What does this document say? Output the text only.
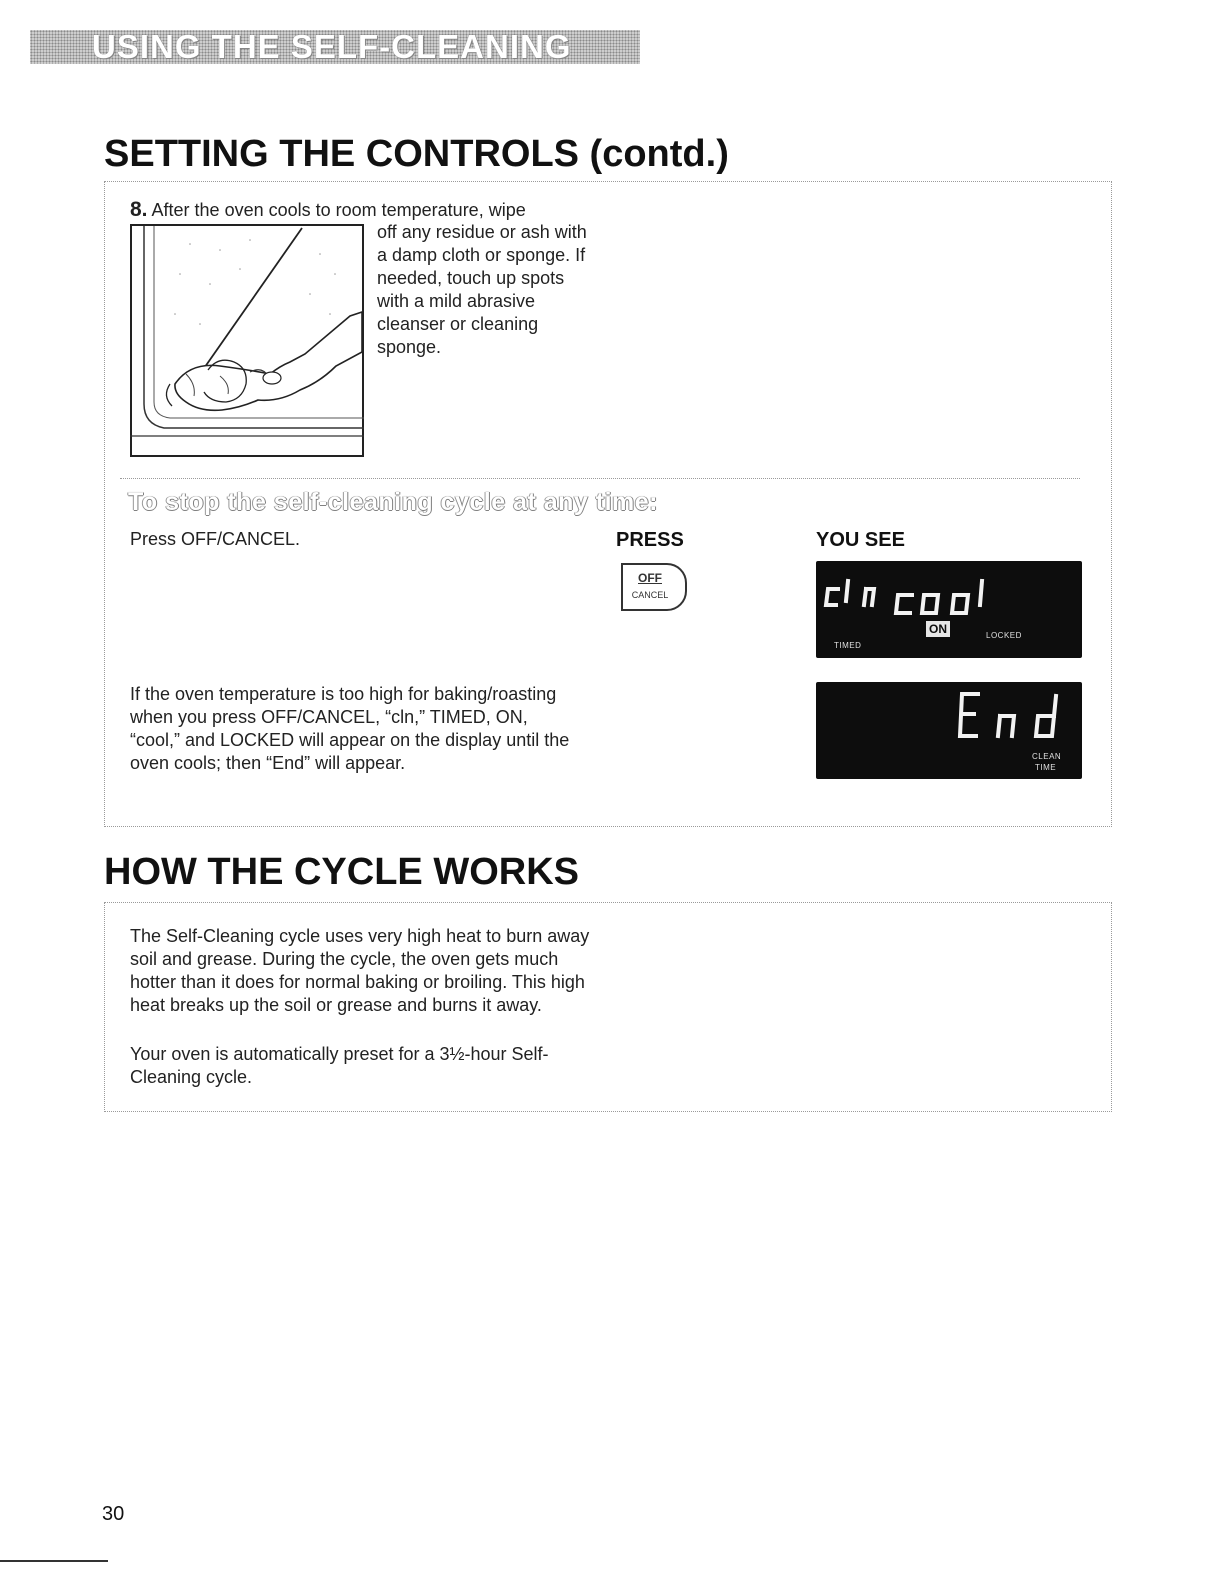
USING THE SELF-CLEANING
SETTING THE CONTROLS (contd.)
8. After the oven cools to room temperature, wipe
off any residue or ash with a damp cloth or sponge. If needed, touch up spots with a mild abrasive cleanser or cleaning sponge.
To stop the self-cleaning cycle at any time:
Press OFF/CANCEL.	PRESS	YOU SEE
OFF
CANCEL
TIMED
ON	LOCKED
If the oven temperature is too high for baking/roasting when you press OFF/CANCEL, “cln,” TIMED, ON, “cool,” and LOCKED will appear on the display until the oven cools; then “End” will appear.	CLEAN
TIME
HOW THE CYCLE WORKS
The Self-Cleaning cycle uses very high heat to burn away soil and grease. During the cycle, the oven gets much hotter than it does for normal baking or broiling. This high heat breaks up the soil or grease and burns it away.
Your oven is automatically preset for a 3½-hour Self-Cleaning cycle.
30
